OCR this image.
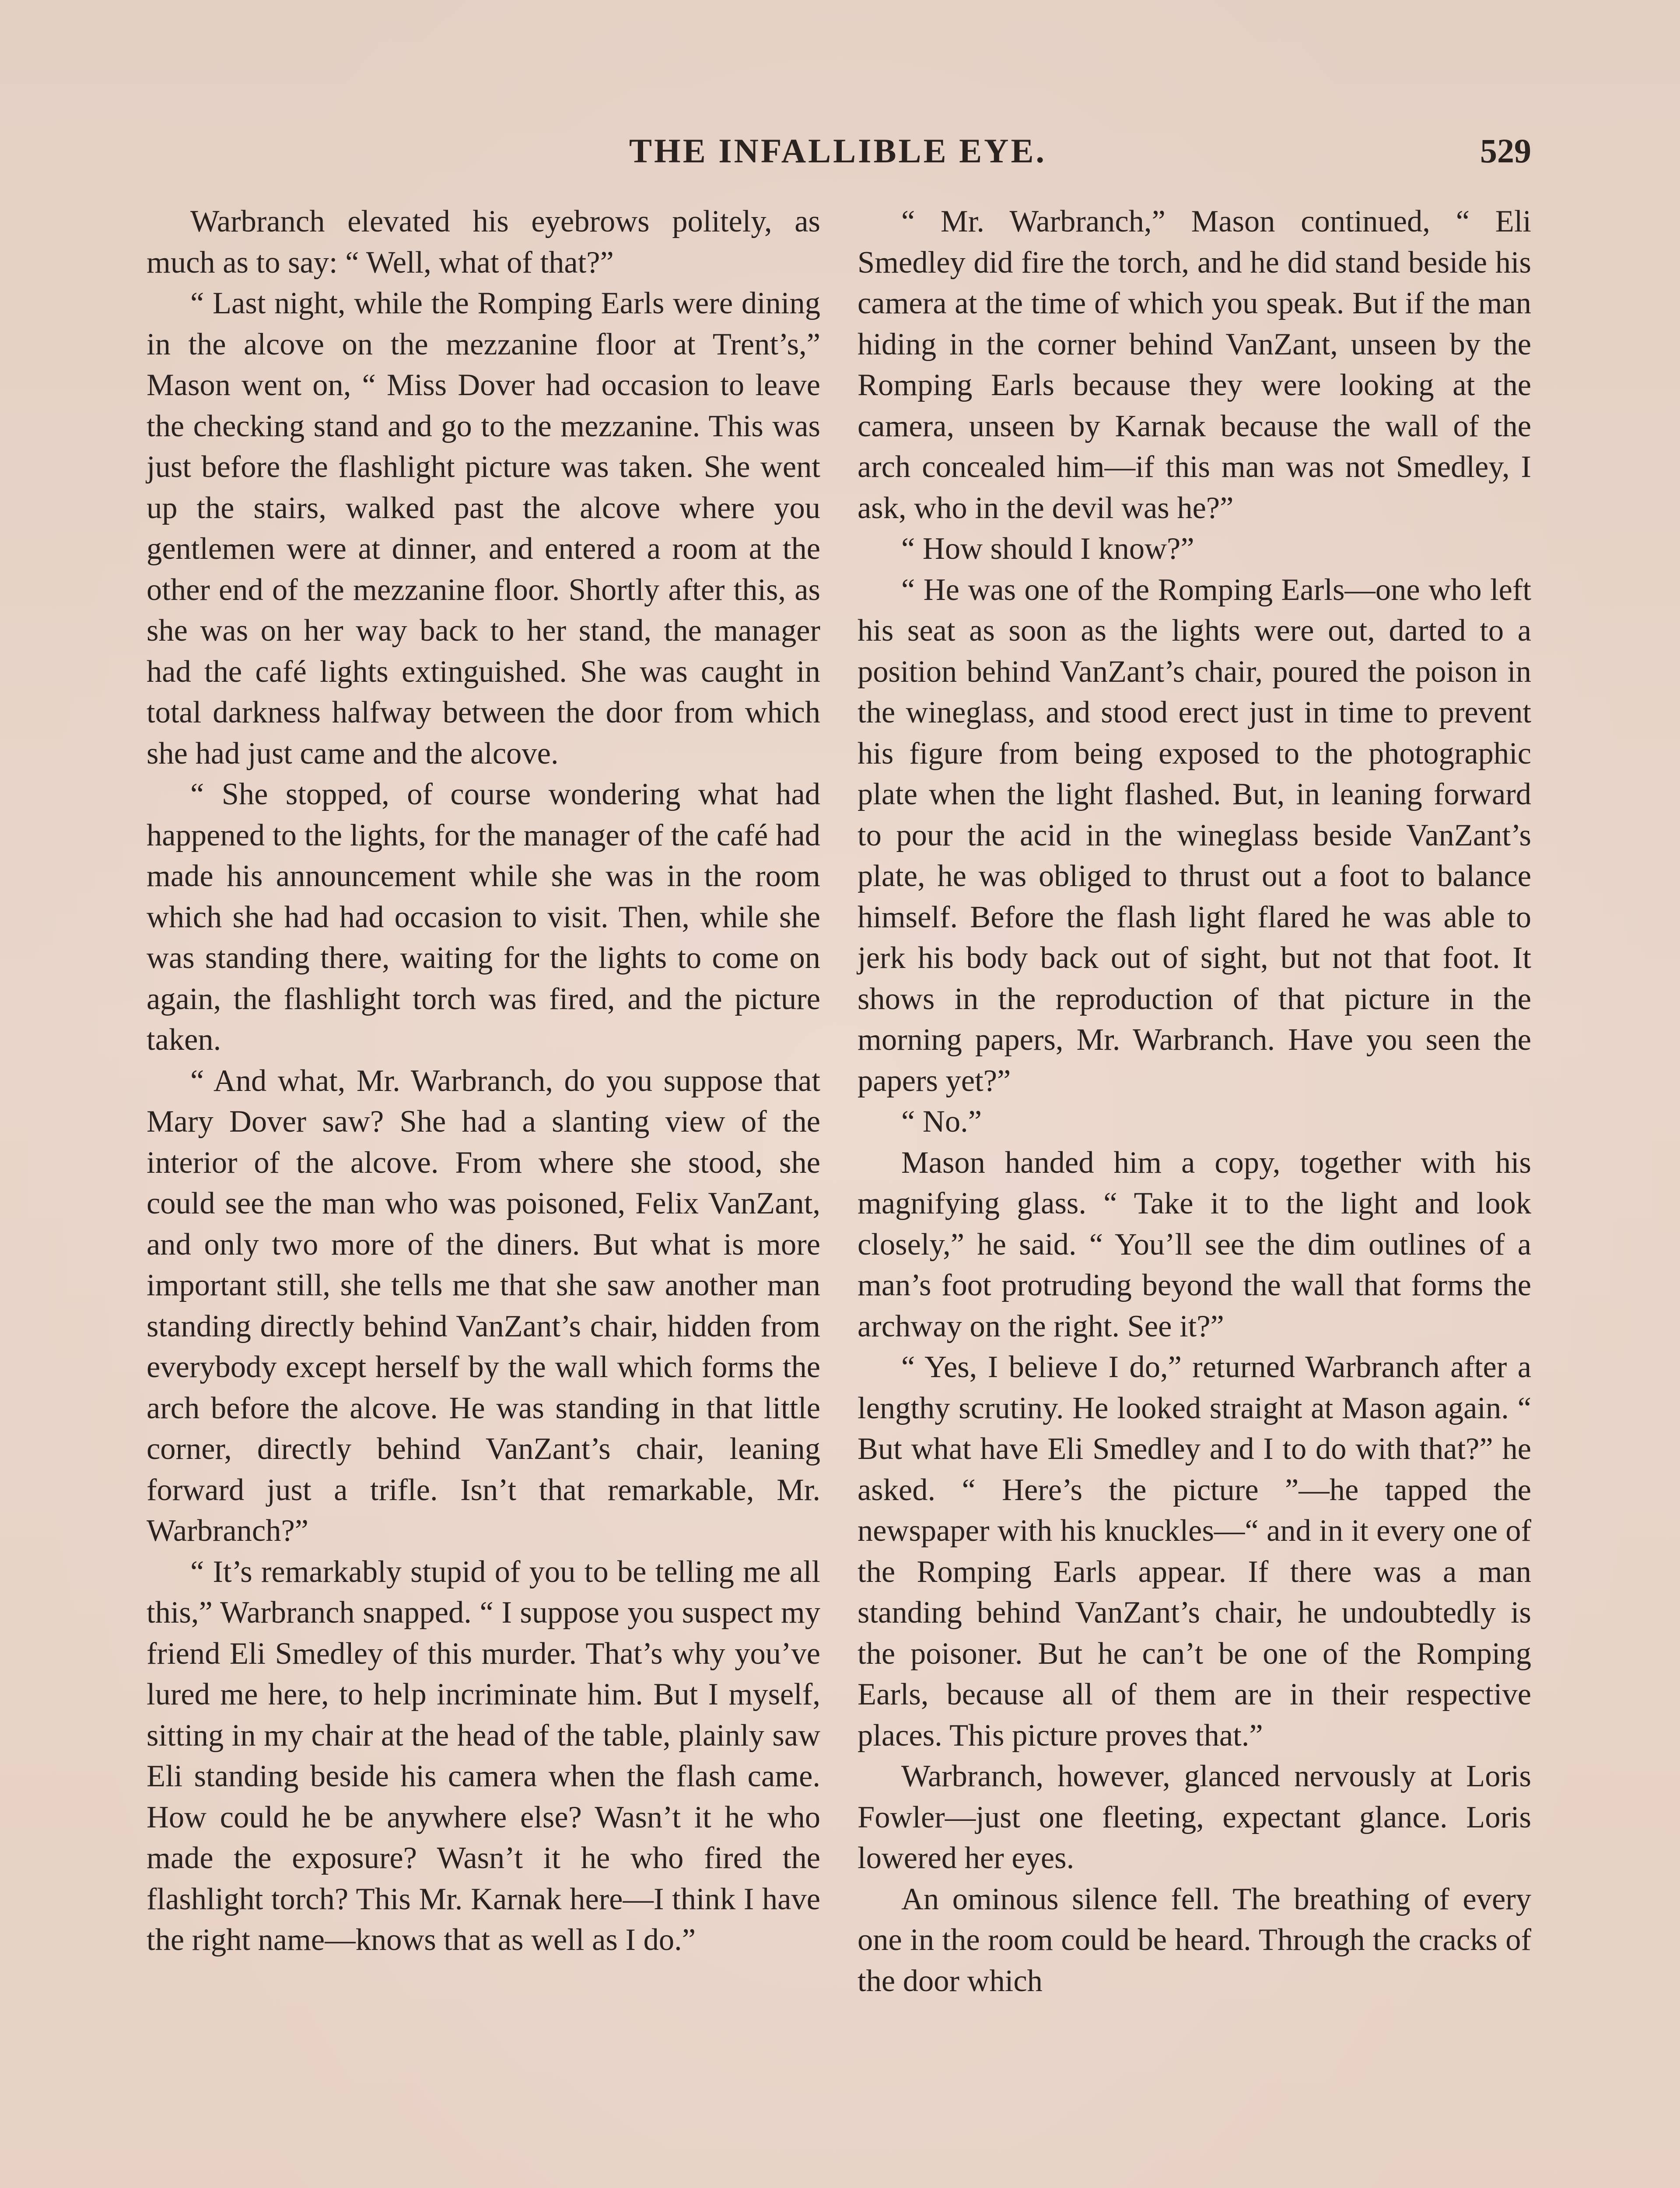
THE INFALLIBLE EYE.	529

Warbranch elevated his eyebrows politely, as much as to say: “ Well, what of that?”

“ Last night, while the Romping Earls were dining in the alcove on the mezzanine floor at Trent’s,” Mason went on, “ Miss Dover had occasion to leave the checking stand and go to the mezzanine. This was just before the flashlight picture was taken. She went up the stairs, walked past the alcove where you gentlemen were at dinner, and entered a room at the other end of the mezzanine floor. Shortly after this, as she was on her way back to her stand, the manager had the café lights extinguished. She was caught in total darkness halfway between the door from which she had just came and the alcove.

“ She stopped, of course wondering what had happened to the lights, for the manager of the café had made his announcement while she was in the room which she had had occasion to visit. Then, while she was standing there, waiting for the lights to come on again, the flashlight torch was fired, and the picture taken.

“ And what, Mr. Warbranch, do you suppose that Mary Dover saw? She had a slanting view of the interior of the alcove. From where she stood, she could see the man who was poisoned, Felix VanZant, and only two more of the diners. But what is more important still, she tells me that she saw another man standing directly behind VanZant’s chair, hidden from everybody except herself by the wall which forms the arch before the alcove. He was standing in that little corner, directly behind VanZant’s chair, leaning forward just a trifle. Isn’t that remarkable, Mr. Warbranch?”

“ It’s remarkably stupid of you to be telling me all this,” Warbranch snapped. “ I suppose you suspect my friend Eli Smedley of this murder. That’s why you’ve lured me here, to help incriminate him. But I myself, sitting in my chair at the head of the table, plainly saw Eli standing beside his camera when the flash came. How could he be anywhere else? Wasn’t it he who made the exposure? Wasn’t it he who fired the flashlight torch? This Mr. Karnak here—I think I have the right name—knows that as well as I do.”

“ Mr. Warbranch,” Mason continued, “ Eli Smedley did fire the torch, and he did stand beside his camera at the time of which you speak. But if the man hiding in the corner behind VanZant, unseen by the Romping Earls because they were looking at the camera, unseen by Karnak because the wall of the arch concealed him—if this man was not Smedley, I ask, who in the devil was he?”

“ How should I know?”

“ He was one of the Romping Earls—one who left his seat as soon as the lights were out, darted to a position behind VanZant’s chair, poured the poison in the wineglass, and stood erect just in time to prevent his figure from being exposed to the photographic plate when the light flashed. But, in leaning forward to pour the acid in the wineglass beside VanZant’s plate, he was obliged to thrust out a foot to balance himself. Before the flash light flared he was able to jerk his body back out of sight, but not that foot. It shows in the reproduction of that picture in the morning papers, Mr. Warbranch. Have you seen the papers yet?”

“ No.”

Mason handed him a copy, together with his magnifying glass. “ Take it to the light and look closely,” he said. “ You’ll see the dim outlines of a man’s foot protruding beyond the wall that forms the archway on the right. See it?”

“ Yes, I believe I do,” returned Warbranch after a lengthy scrutiny. He looked straight at Mason again. “ But what have Eli Smedley and I to do with that?” he asked. “ Here’s the picture ”—he tapped the newspaper with his knuckles—“ and in it every one of the Romping Earls appear. If there was a man standing behind VanZant’s chair, he undoubtedly is the poisoner. But he can’t be one of the Romping Earls, because all of them are in their respective places. This picture proves that.”

Warbranch, however, glanced nervously at Loris Fowler—just one fleeting, expectant glance. Loris lowered her eyes.

An ominous silence fell. The breathing of every one in the room could be heard. Through the cracks of the door which
